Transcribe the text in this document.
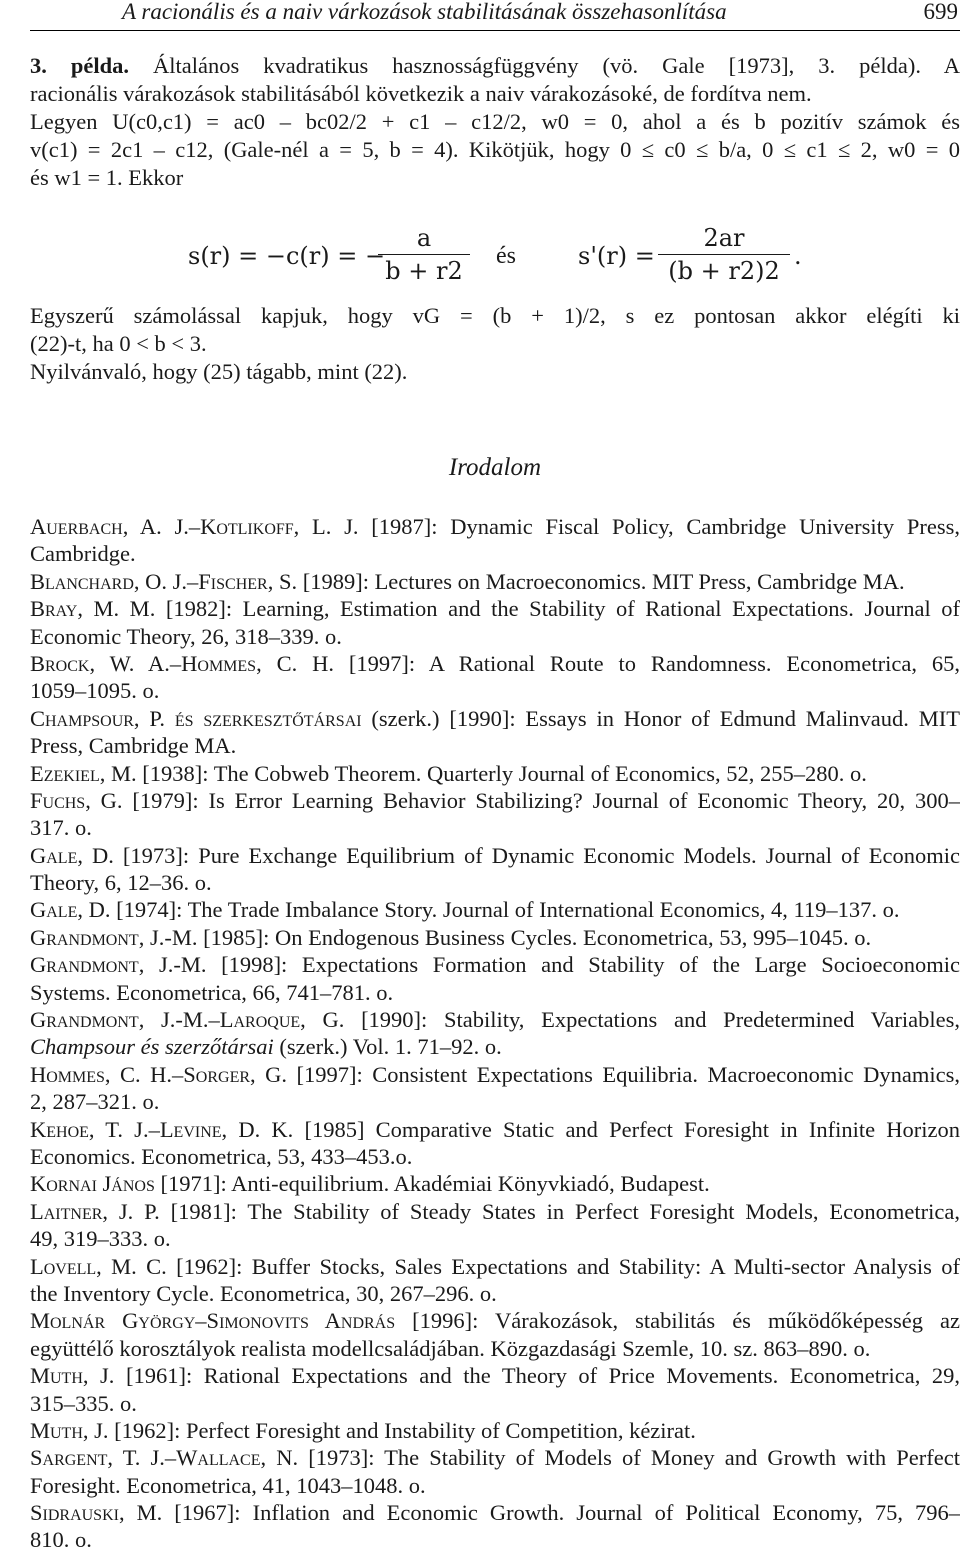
A racionális és a naiv várkozások stabilitásának összehasonlítása	699
3. példa. Általános kvadratikus hasznosságfüggvény (vö. Gale [1973], 3. példa). A
racionális várakozások stabilitásából következik a naiv várakozásoké, de fordítva nem.
Legyen U(c0,c1) = ac0 – bc02/2 + c1 – c12/2, w0 = 0, ahol a és b pozitív számok és
v(c1) = 2c1 – c12, (Gale-nél a = 5, b = 4). Kikötjük, hogy 0 ≤ c0 ≤ b/a, 0 ≤ c1 ≤ 2, w0 = 0
és w1 = 1. Ekkor
s(r) = −c(r) = −
a
b + r2
és	s'(r) =
2ar
(b + r2)2
.
Egyszerű számolással kapjuk, hogy vG = (b + 1)/2, s ez pontosan akkor elégíti ki
(22)-t, ha 0 < b < 3.
Nyilvánvaló, hogy (25) tágabb, mint (22).
Irodalom
Auerbach, A. J.–Kotlikoff, L. J. [1987]: Dynamic Fiscal Policy, Cambridge University Press,
Cambridge.
Blanchard, O. J.–Fischer, S. [1989]: Lectures on Macroeconomics. MIT Press, Cambridge MA.
Bray, M. M. [1982]: Learning, Estimation and the Stability of Rational Expectations. Journal of
Economic Theory, 26, 318–339. o.
Brock, W. A.–Hommes, C. H. [1997]: A Rational Route to Randomness. Econometrica, 65,
1059–1095. o.
Champsour, P. és szerkesztőtársai (szerk.) [1990]: Essays in Honor of Edmund Malinvaud. MIT
Press, Cambridge MA.
Ezekiel, M. [1938]: The Cobweb Theorem. Quarterly Journal of Economics, 52, 255–280. o.
Fuchs, G. [1979]: Is Error Learning Behavior Stabilizing? Journal of Economic Theory, 20, 300–
317. o.
Gale, D. [1973]: Pure Exchange Equilibrium of Dynamic Economic Models. Journal of Economic
Theory, 6, 12–36. o.
Gale, D. [1974]: The Trade Imbalance Story. Journal of International Economics, 4, 119–137. o.
Grandmont, J.-M. [1985]: On Endogenous Business Cycles. Econometrica, 53, 995–1045. o.
Grandmont, J.-M. [1998]: Expectations Formation and Stability of the Large Socioeconomic
Systems. Econometrica, 66, 741–781. o.
Grandmont, J.-M.–Laroque, G. [1990]: Stability, Expectations and Predetermined Variables,
Champsour és szerzőtársai (szerk.) Vol. 1. 71–92. o.
Hommes, C. H.–Sorger, G. [1997]: Consistent Expectations Equilibria. Macroeconomic Dynamics,
2, 287–321. o.
Kehoe, T. J.–Levine, D. K. [1985] Comparative Static and Perfect Foresight in Infinite Horizon
Economics. Econometrica, 53, 433–453.o.
Kornai János [1971]: Anti-equilibrium. Akadémiai Könyvkiadó, Budapest.
Laitner, J. P. [1981]: The Stability of Steady States in Perfect Foresight Models, Econometrica,
49, 319–333. o.
Lovell, M. C. [1962]: Buffer Stocks, Sales Expectations and Stability: A Multi-sector Analysis of
the Inventory Cycle. Econometrica, 30, 267–296. o.
Molnár György–Simonovits András [1996]: Várakozások, stabilitás és működőképesség az
együttélő korosztályok realista modellcsaládjában. Közgazdasági Szemle, 10. sz. 863–890. o.
Muth, J. [1961]: Rational Expectations and the Theory of Price Movements. Econometrica, 29,
315–335. o.
Muth, J. [1962]: Perfect Foresight and Instability of Competition, kézirat.
Sargent, T. J.–Wallace, N. [1973]: The Stability of Models of Money and Growth with Perfect
Foresight. Econometrica, 41, 1043–1048. o.
Sidrauski, M. [1967]: Inflation and Economic Growth. Journal of Political Economy, 75, 796–
810. o.
